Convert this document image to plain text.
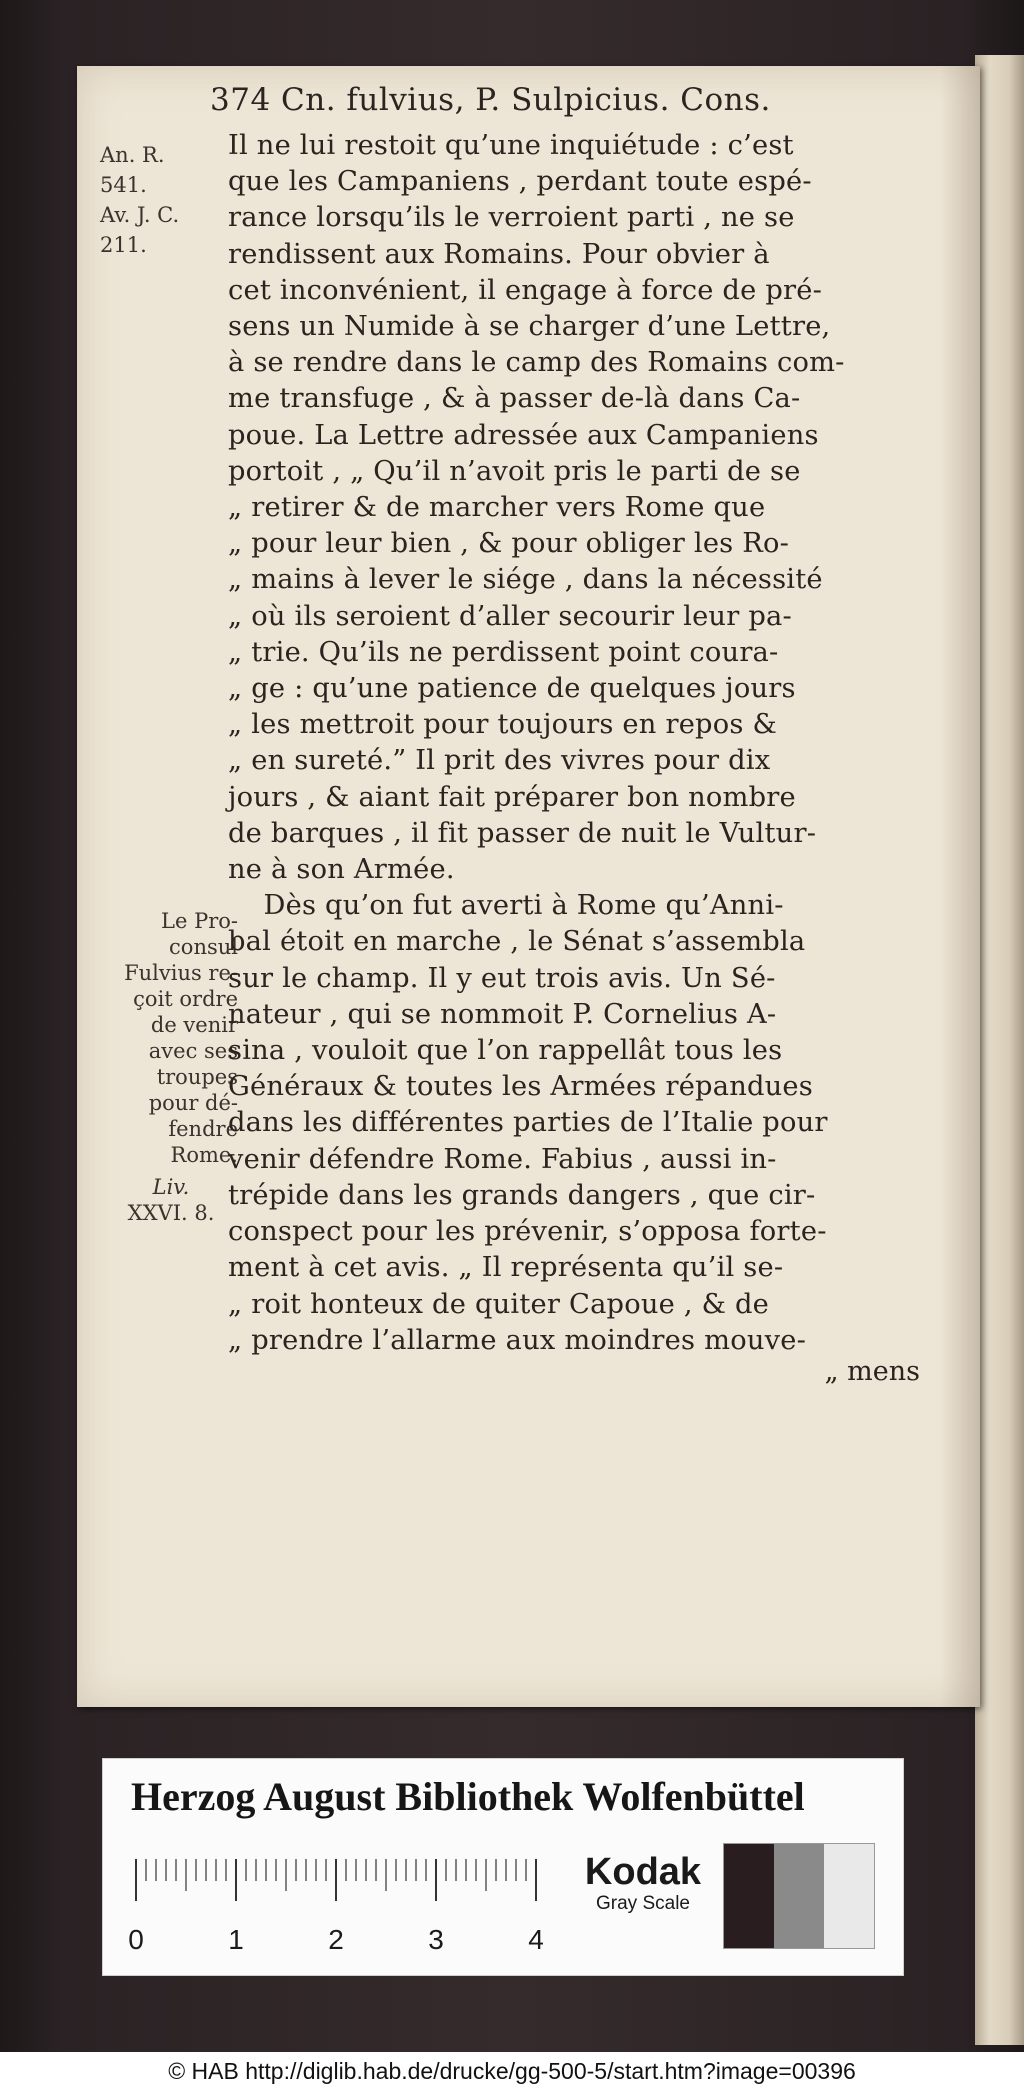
374 Cn. fulvius, P. Sulpicius. Cons.
An. R.
541.
Av. J. C.
211.
Le Pro-
consul
Fulvius re-
çoit ordre
de venir
avec ses
troupes
pour dé-
fendre
Rome.
Liv.
XXVI. 8.
Il ne lui restoit qu’une inquiétude : c’est
que les Campaniens , perdant toute espé-
rance lorsqu’ils le verroient parti , ne se
rendissent aux Romains. Pour obvier à
cet inconvénient, il engage à force de pré-
sens un Numide à se charger d’une Lettre,
à se rendre dans le camp des Romains com-
me transfuge , & à passer de-là dans Ca-
poue. La Lettre adressée aux Campaniens
portoit , „ Qu’il n’avoit pris le parti de se
„ retirer & de marcher vers Rome que
„ pour leur bien , & pour obliger les Ro-
„ mains à lever le siége , dans la nécessité
„ où ils seroient d’aller secourir leur pa-
„ trie. Qu’ils ne perdissent point coura-
„ ge : qu’une patience de quelques jours
„ les mettroit pour toujours en repos &
„ en sureté.” Il prit des vivres pour dix
jours , & aiant fait préparer bon nombre
de barques , il fit passer de nuit le Vultur-
ne à son Armée.
Dès qu’on fut averti à Rome qu’Anni-
bal étoit en marche , le Sénat s’assembla
sur le champ. Il y eut trois avis. Un Sé-
nateur , qui se nommoit P. Cornelius A-
sina , vouloit que l’on rappellât tous les
Généraux & toutes les Armées répandues
dans les différentes parties de l’Italie pour
venir défendre Rome. Fabius , aussi in-
trépide dans les grands dangers , que cir-
conspect pour les prévenir, s’opposa forte-
ment à cet avis. „ Il représenta qu’il se-
„ roit honteux de quiter Capoue , & de
„ prendre l’allarme aux moindres mouve-
„ mens
Herzog August Bibliothek Wolfenbüttel
0	1	2	3	4
Kodak
Gray Scale
© HAB http://diglib.hab.de/drucke/gg-500-5/start.htm?image=00396
